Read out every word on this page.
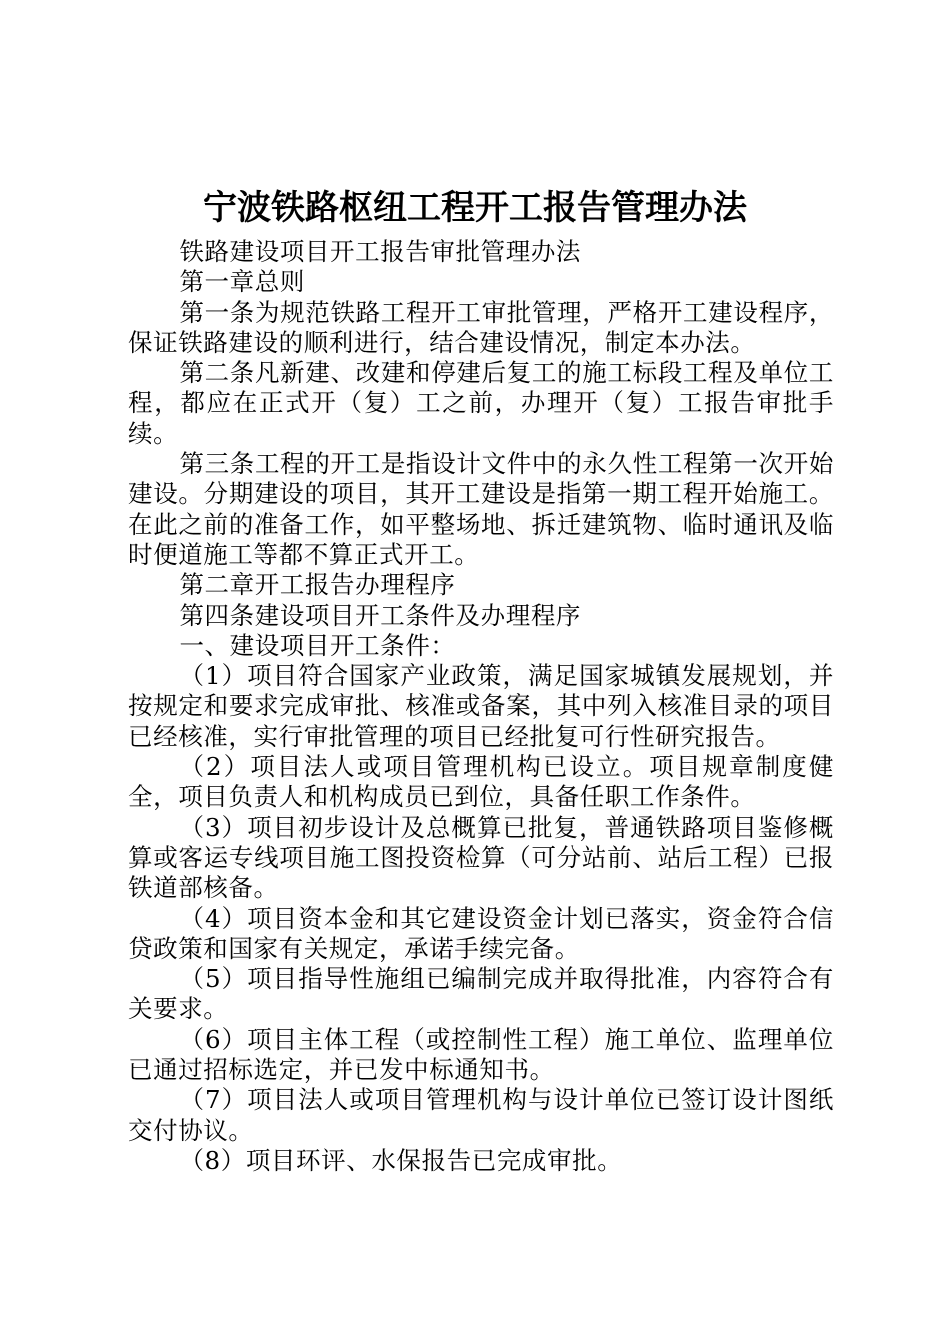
宁波铁路枢纽工程开工报告管理办法

铁路建设项目开工报告审批管理办法

第一章总则

第一条为规范铁路工程开工审批管理，严格开工建设程序，保证铁路建设的顺利进行，结合建设情况，制定本办法。

第二条凡新建、改建和停建后复工的施工标段工程及单位工程，都应在正式开（复）工之前，办理开（复）工报告审批手续。

第三条工程的开工是指设计文件中的永久性工程第一次开始建设。分期建设的项目，其开工建设是指第一期工程开始施工。在此之前的准备工作，如平整场地、拆迁建筑物、临时通讯及临时便道施工等都不算正式开工。

第二章开工报告办理程序

第四条建设项目开工条件及办理程序

一、建设项目开工条件：

（1）项目符合国家产业政策，满足国家城镇发展规划，并按规定和要求完成审批、核准或备案，其中列入核准目录的项目已经核准，实行审批管理的项目已经批复可行性研究报告。

（2）项目法人或项目管理机构已设立。项目规章制度健全，项目负责人和机构成员已到位，具备任职工作条件。

（3）项目初步设计及总概算已批复，普通铁路项目鉴修概算或客运专线项目施工图投资检算（可分站前、站后工程）已报铁道部核备。

（4）项目资本金和其它建设资金计划已落实，资金符合信贷政策和国家有关规定，承诺手续完备。

（5）项目指导性施组已编制完成并取得批准，内容符合有关要求。

（6）项目主体工程（或控制性工程）施工单位、监理单位已通过招标选定，并已发中标通知书。

（7）项目法人或项目管理机构与设计单位已签订设计图纸交付协议。

（8）项目环评、水保报告已完成审批。
